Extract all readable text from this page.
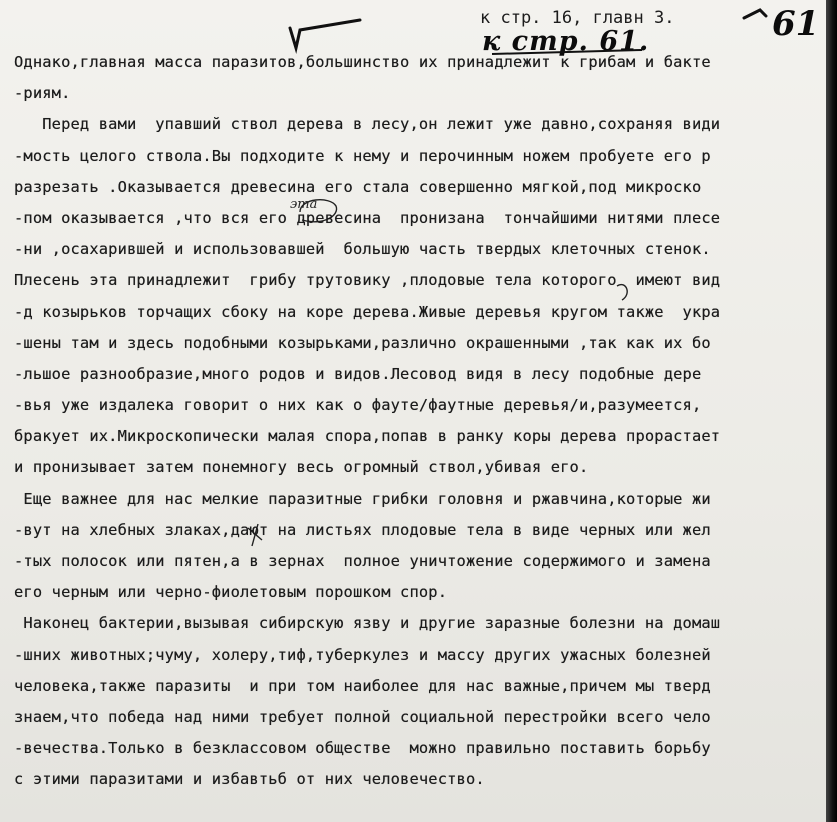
к стр. 16, главн 3.
к стр. 61.	61
эта
Однако,главная масса паразитов,большинство их принадлежит к грибам и бакте
-риям.
Перед вами  упавший ствол дерева в лесу,он лежит уже давно,сохраняя види
-мость целого ствола.Вы подходите к нему и перочинным ножем пробуете его р
разрезать .Оказывается древесина его стала совершенно мягкой,под микроско
-пом оказывается ,что вся его древесина  пронизана  тончайшими нитями плесе
-ни ,осахарившей и использовавшей  большую часть твердых клеточных стенок.
Плесень эта принадлежит  грибу трутовику ,плодовые тела которого  имеют вид
-д козырьков торчащих сбоку на коре дерева.Живые деревья кругом также  укра
-шены там и здесь подобными козырьками,различно окрашенными ,так как их бо
-льшое разнообразие,много родов и видов.Лесовод видя в лесу подобные дере
-вья уже издалека говорит о них как о фауте/фаутные деревья/и,разумеется,
бракует их.Микроскопически малая спора,попав в ранку коры дерева прорастает
и пронизывает затем понемногу весь огромный ствол,убивая его.
Еще важнее для нас мелкие паразитные грибки головня и ржавчина,которые жи
-вут на хлебных злаках,дают на листьях плодовые тела в виде черных или жел
-тых полосок или пятен,а в зернах  полное уничтожение содержимого и замена
его черным или черно-фиолетовым порошком спор.
Наконец бактерии,вызывая сибирскую язву и другие заразные болезни на домаш
-шних животных;чуму, холеру,тиф,туберкулез и массу других ужасных болезней
человека,также паразиты  и при том наиболее для нас важные,причем мы тверд
знаем,что победа над ними требует полной социальной перестройки всего чело
-вечества.Только в безклассовом обществе  можно правильно поставить борьбу
с этими паразитами и избавтьб от них человечество.
